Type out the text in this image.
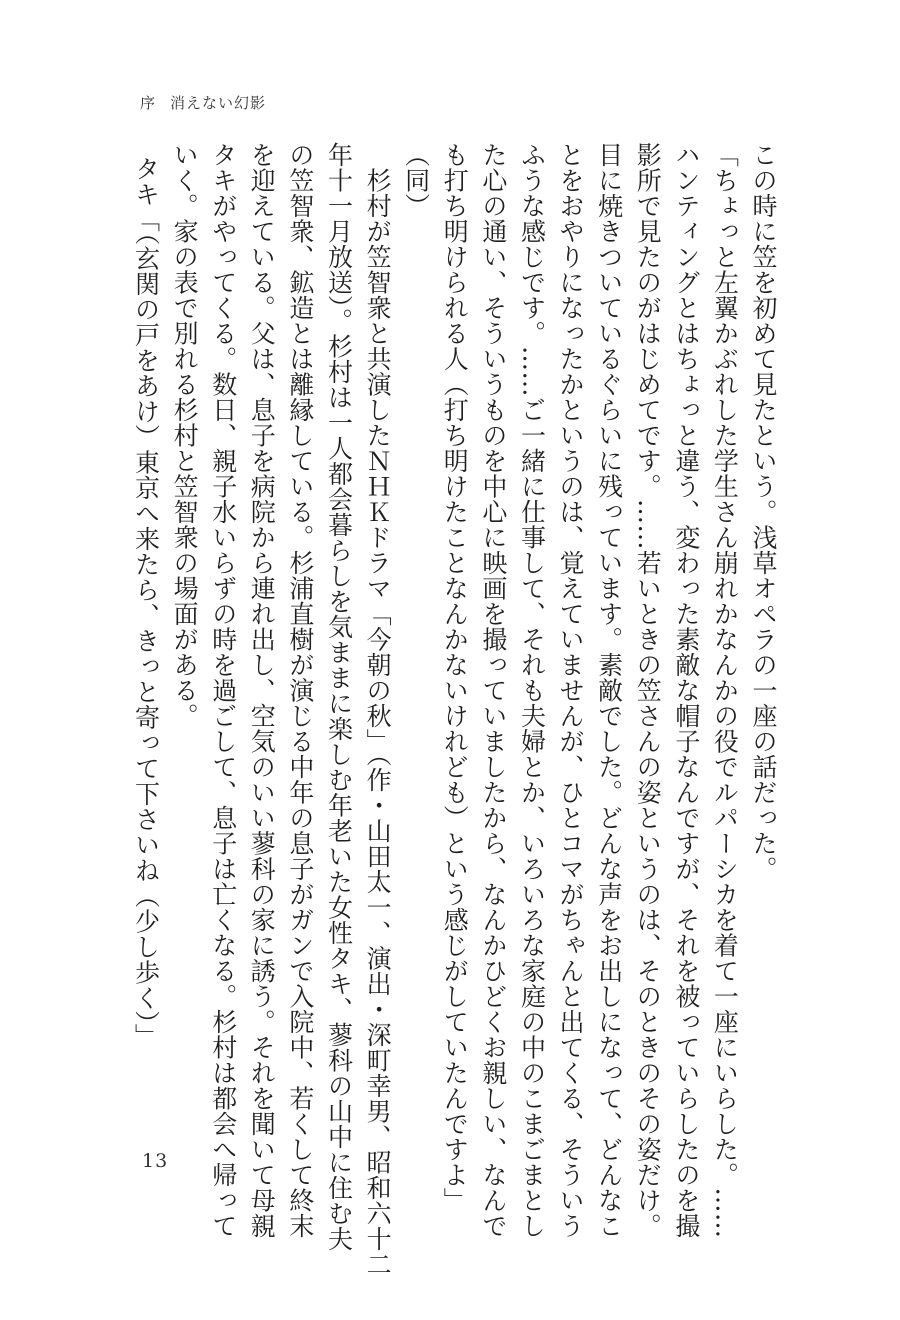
序 消えない幻影
この時に笠を初めて見たという。浅草オペラの一座の話だった。
「ちょっと左翼かぶれした学生さん崩れかなんかの役でルパーシカを着て一座にいらした。……
ハンティングとはちょっと違う、変わった素敵な帽子なんですが、それを被っていらしたのを撮
影所で見たのがはじめてです。……若いときの笠さんの姿というのは、そのときのその姿だけ。
目に焼きついているぐらいに残っています。素敵でした。どんな声をお出しになって、どんなこ
とをおやりになったかというのは、覚えていませんが、ひとコマがちゃんと出てくる、そういう
ふうな感じです。……ご一緒に仕事して、それも夫婦とか、いろいろな家庭の中のこまごまとし
た心の通い、そういうものを中心に映画を撮っていましたから、なんかひどくお親しい、なんで
も打ち明けられる人（打ち明けたことなんかないけれども）という感じがしていたんですよ」
（同）
　杉村が笠智衆と共演したＮＨＫドラマ「今朝の秋」（作・山田太一、演出・深町幸男、昭和六十二
年十一月放送）。杉村は一人都会暮らしを気ままに楽しむ年老いた女性タキ、蓼科の山中に住む夫
の笠智衆、鉱造とは離縁している。杉浦直樹が演じる中年の息子がガンで入院中、若くして終末
を迎えている。父は、息子を病院から連れ出し、空気のいい蓼科の家に誘う。それを聞いて母親
タキがやってくる。数日、親子水いらずの時を過ごして、息子は亡くなる。杉村は都会へ帰って
いく。家の表で別れる杉村と笠智衆の場面がある。
タキ「（玄関の戸をあけ）東京へ来たら、きっと寄って下さいね（少し歩く）」
13
